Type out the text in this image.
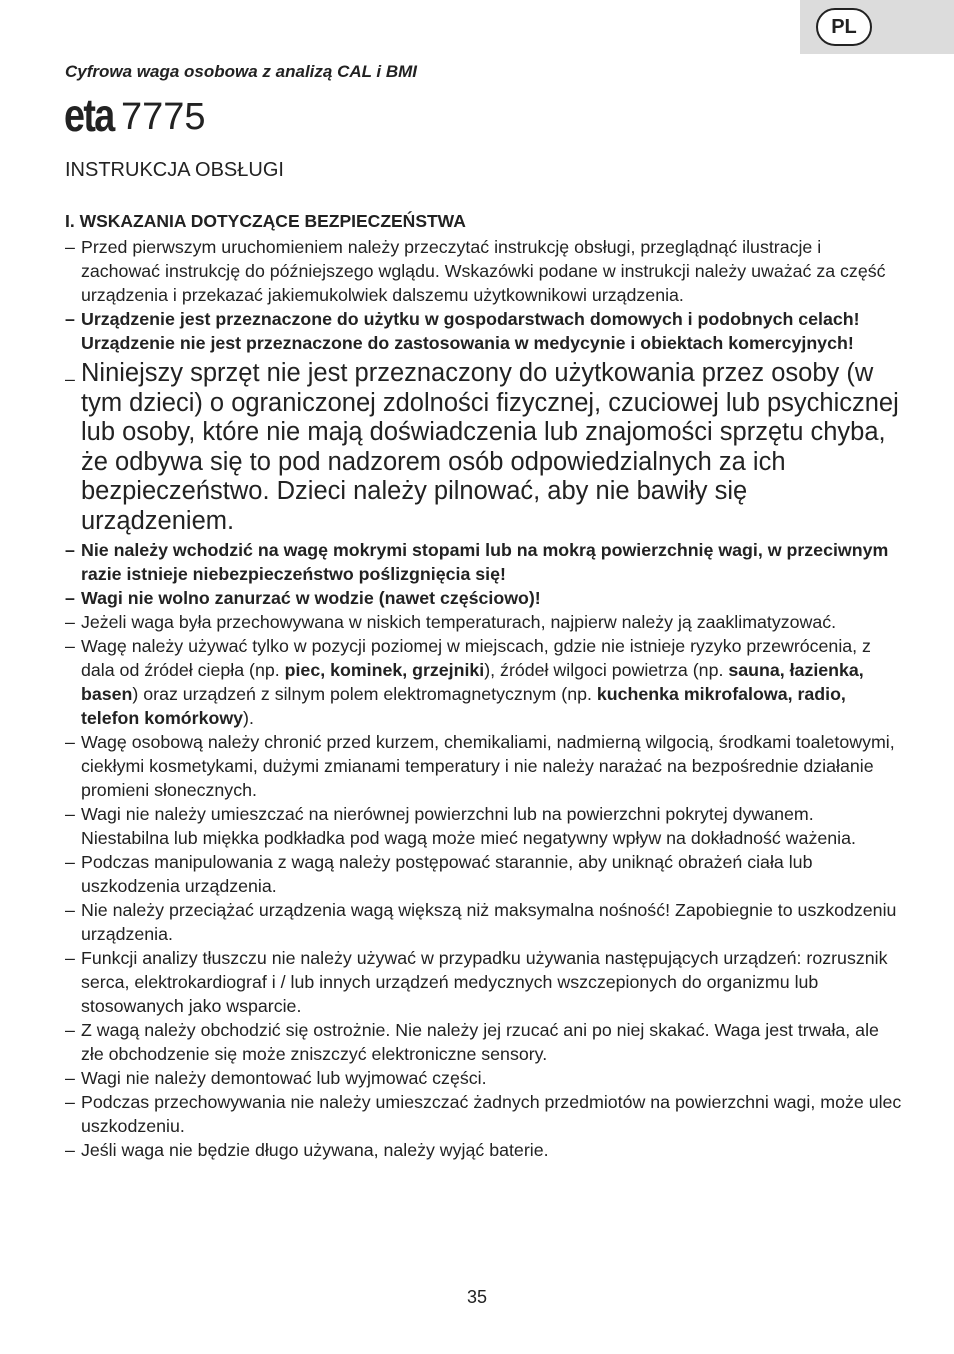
PL
Cyfrowa waga osobowa z analizą CAL i BMI
eta 7775
INSTRUKCJA OBSŁUGI
I. WSKAZANIA DOTYCZĄCE BEZPIECZEŃSTWA
– Przed pierwszym uruchomieniem należy przeczytać instrukcję obsługi, przeglądnąć ilustracje i zachować instrukcję do późniejszego wglądu. Wskazówki podane w instrukcji należy uważać za część urządzenia i przekazać jakiemukolwiek dalszemu użytkownikowi urządzenia.
– Urządzenie jest przeznaczone do użytku w gospodarstwach domowych i podobnych celach! Urządzenie nie jest przeznaczone do zastosowania w medycynie i obiektach komercyjnych!
– Niniejszy sprzęt nie jest przeznaczony do użytkowania przez osoby (w tym dzieci) o ograniczonej zdolności fizycznej, czuciowej lub psychicznej lub osoby, które nie mają doświadczenia lub znajomości sprzętu chyba, że odbywa się to pod nadzorem osób odpowiedzialnych za ich bezpieczeństwo. Dzieci należy pilnować, aby nie bawiły się urządzeniem.
– Nie należy wchodzić na wagę mokrymi stopami lub na mokrą powierzchnię wagi, w przeciwnym razie istnieje niebezpieczeństwo poślizgnięcia się!
– Wagi nie wolno zanurzać w wodzie (nawet częściowo)!
– Jeżeli waga była przechowywana w niskich temperaturach, najpierw należy ją zaaklimatyzować.
– Wagę należy używać tylko w pozycji poziomej w miejscach, gdzie nie istnieje ryzyko przewrócenia, z dala od źródeł ciepła (np. piec, kominek, grzejniki), źródeł wilgoci powietrza (np. sauna, łazienka, basen) oraz urządzeń z silnym polem elektromagnetycznym (np. kuchenka mikrofalowa, radio, telefon komórkowy).
– Wagę osobową należy chronić przed kurzem, chemikaliami, nadmierną wilgocią, środkami toaletowymi, ciekłymi kosmetykami, dużymi zmianami temperatury i nie należy narażać na bezpośrednie działanie promieni słonecznych.
– Wagi nie należy umieszczać na nierównej powierzchni lub na powierzchni pokrytej dywanem. Niestabilna lub miękka podkładka pod wagą może mieć negatywny wpływ na dokładność ważenia.
– Podczas manipulowania z wagą należy postępować starannie, aby uniknąć obrażeń ciała lub uszkodzenia urządzenia.
– Nie należy przeciążać urządzenia wagą większą niż maksymalna nośność! Zapobiegnie to uszkodzeniu urządzenia.
– Funkcji analizy tłuszczu nie należy używać w przypadku używania następujących urządzeń: rozrusznik serca, elektrokardiograf i / lub innych urządzeń medycznych wszczepionych do organizmu lub stosowanych jako wsparcie.
– Z wagą należy obchodzić się ostrożnie. Nie należy jej rzucać ani po niej skakać. Waga jest trwała, ale złe obchodzenie się może zniszczyć elektroniczne sensory.
– Wagi nie należy demontować lub wyjmować części.
– Podczas przechowywania nie należy umieszczać żadnych przedmiotów na powierzchni wagi, może ulec uszkodzeniu.
– Jeśli waga nie będzie długo używana, należy wyjąć baterie.
35
